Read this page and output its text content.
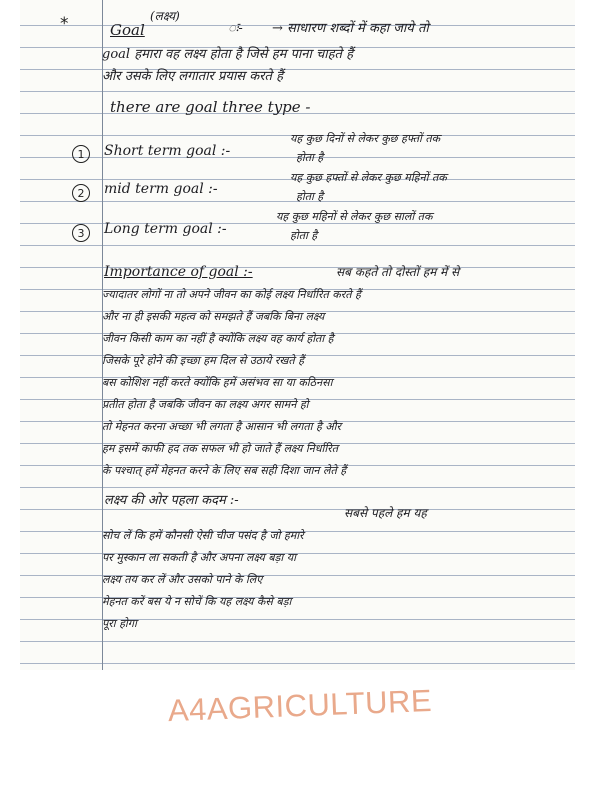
*	Goal
(लक्ष्य)
ः- → साधारण शब्दों में कहा जाये तो
goal हमारा वह लक्ष्य होता है जिसे हम पाना चाहते हैं
और उसके लिए लगातार प्रयास करते हैं
there are goal three type -
1	Short term goal :-
यह कुछ दिनों से लेकर कुछ हफ्तों तक
होता है
2	mid term goal :-
यह कुछ हफ्तों से लेकर कुछ महिनों तक
होता है
3	Long term goal :-
यह कुछ महिनों से लेकर कुछ सालों तक
होता है
Importance of goal :-	सब कहते तो दोस्तों हम में से
ज्यादातर लोगों ना तो अपने जीवन का कोई लक्ष्य निर्धारित करते हैं
और ना ही इसकी महत्व को समझते हैं जबकि बिना लक्ष्य
जीवन किसी काम का नहीं है क्योंकि लक्ष्य वह कार्य होता है
जिसके पूरे होने की इच्छा हम दिल से उठाये रखते हैं
बस कोशिश नहीं करते क्योंकि हमें असंभव सा या कठिनसा
प्रतीत होता है जबकि जीवन का लक्ष्य अगर सामने हो
तो मेहनत करना अच्छा भी लगता है आसान भी लगता है और
हम इसमें काफी हद तक सफल भी हो जाते हैं लक्ष्य निर्धारित
के पश्चात् हमें मेहनत करने के लिए सब सही दिशा जान लेते हैं
लक्ष्य की ओर पहला कदम :-
सबसे पहले हम यह
सोच लें कि हमें कौनसी ऐसी चीज पसंद है जो हमारे
पर मुस्कान ला सकती है और अपना लक्ष्य बड़ा या
लक्ष्य तय कर लें और उसको पाने के लिए
मेहनत करें बस ये न सोचें कि यह लक्ष्य कैसे बड़ा
पूरा होगा
A4AGRICULTURE
